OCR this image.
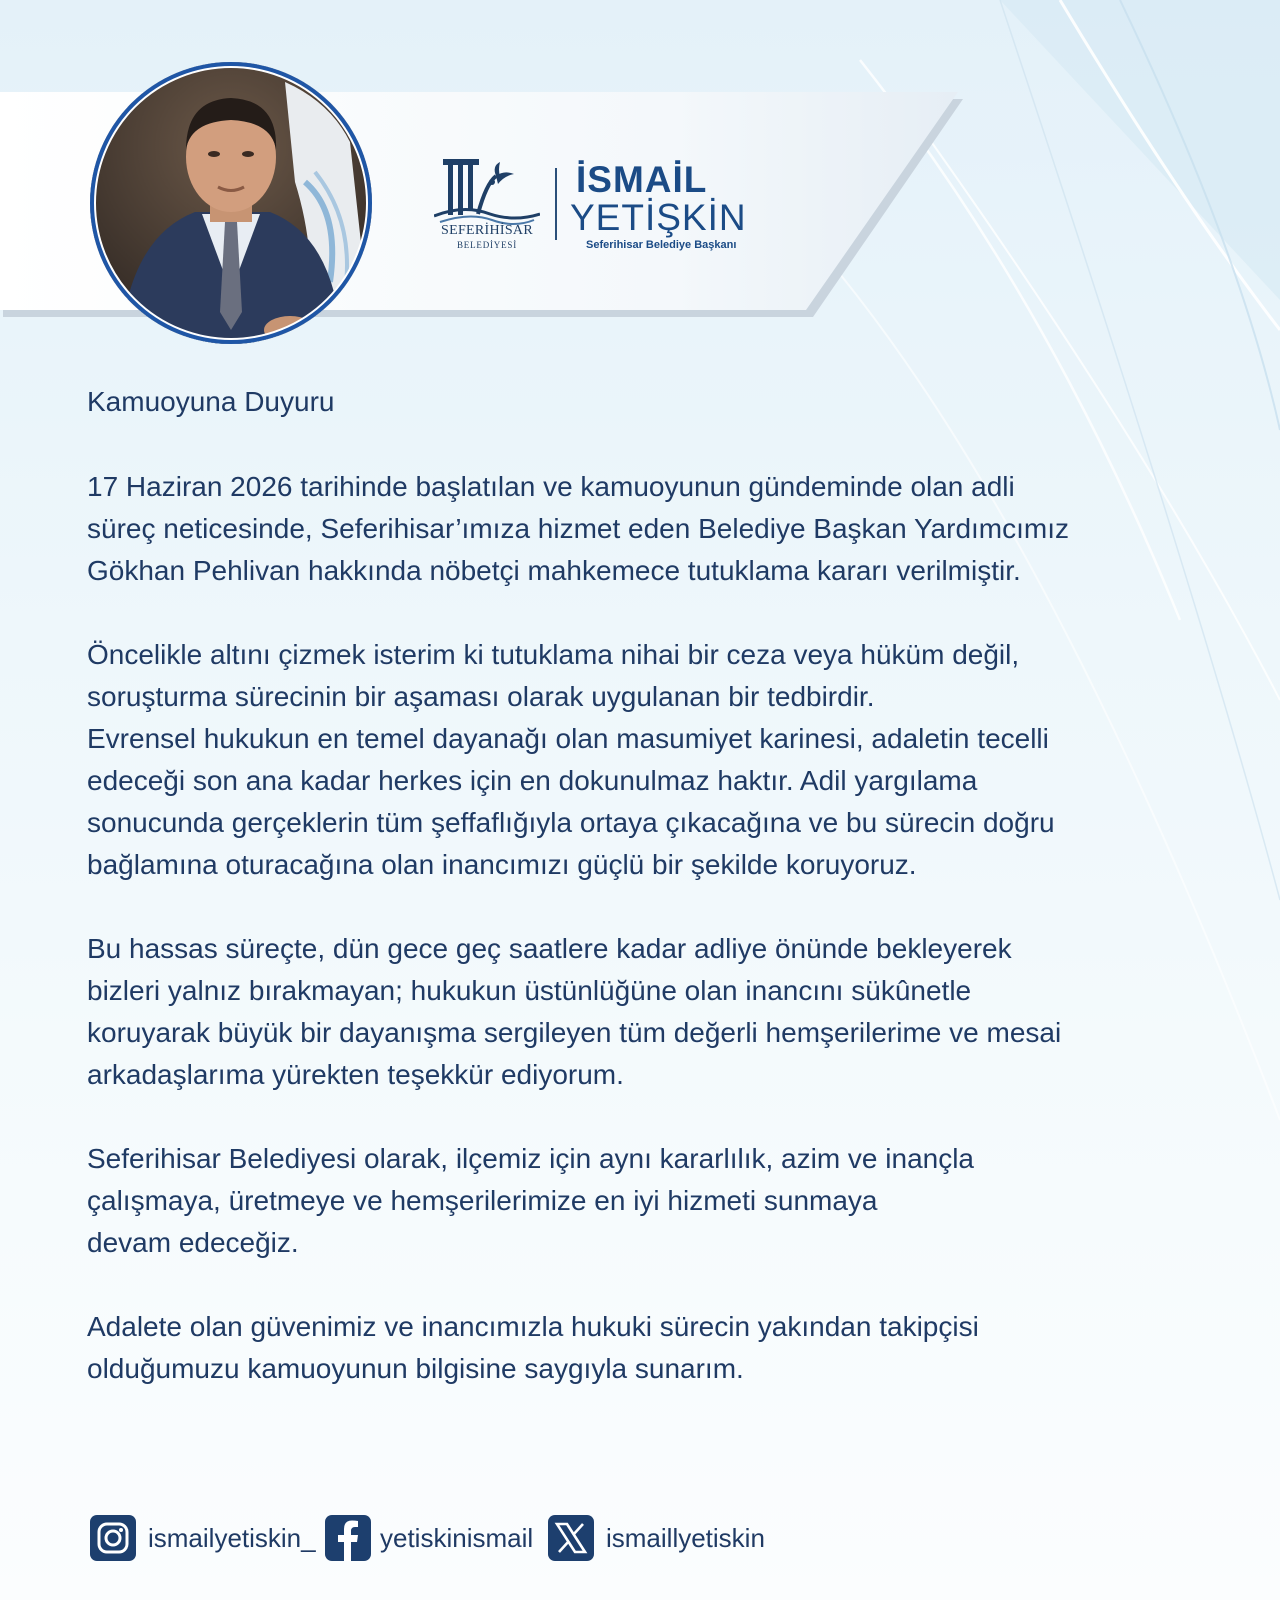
SEFERİHİSAR
BELEDİYESİ
İSMAİL
YETİŞKİN
Seferihisar Belediye Başkanı
Kamuoyuna Duyuru
17 Haziran 2026 tarihinde başlatılan ve kamuoyunun gündeminde olan adli
süreç neticesinde, Seferihisar’ımıza hizmet eden Belediye Başkan Yardımcımız
Gökhan Pehlivan hakkında nöbetçi mahkemece tutuklama kararı verilmiştir.
Öncelikle altını çizmek isterim ki tutuklama nihai bir ceza veya hüküm değil,
soruşturma sürecinin bir aşaması olarak uygulanan bir tedbirdir.
Evrensel hukukun en temel dayanağı olan masumiyet karinesi, adaletin tecelli
edeceği son ana kadar herkes için en dokunulmaz haktır. Adil yargılama
sonucunda gerçeklerin tüm şeffaflığıyla ortaya çıkacağına ve bu sürecin doğru
bağlamına oturacağına olan inancımızı güçlü bir şekilde koruyoruz.
Bu hassas süreçte, dün gece geç saatlere kadar adliye önünde bekleyerek
bizleri yalnız bırakmayan; hukukun üstünlüğüne olan inancını sükûnetle
koruyarak büyük bir dayanışma sergileyen tüm değerli hemşerilerime ve mesai
arkadaşlarıma yürekten teşekkür ediyorum.
Seferihisar Belediyesi olarak, ilçemiz için aynı kararlılık, azim ve inançla
çalışmaya, üretmeye ve hemşerilerimize en iyi hizmeti sunmaya
devam edeceğiz.
Adalete olan güvenimiz ve inancımızla hukuki sürecin yakından takipçisi
olduğumuzu kamuoyunun bilgisine saygıyla sunarım.
ismailyetiskin_ yetiskinismail	ismaillyetiskin
